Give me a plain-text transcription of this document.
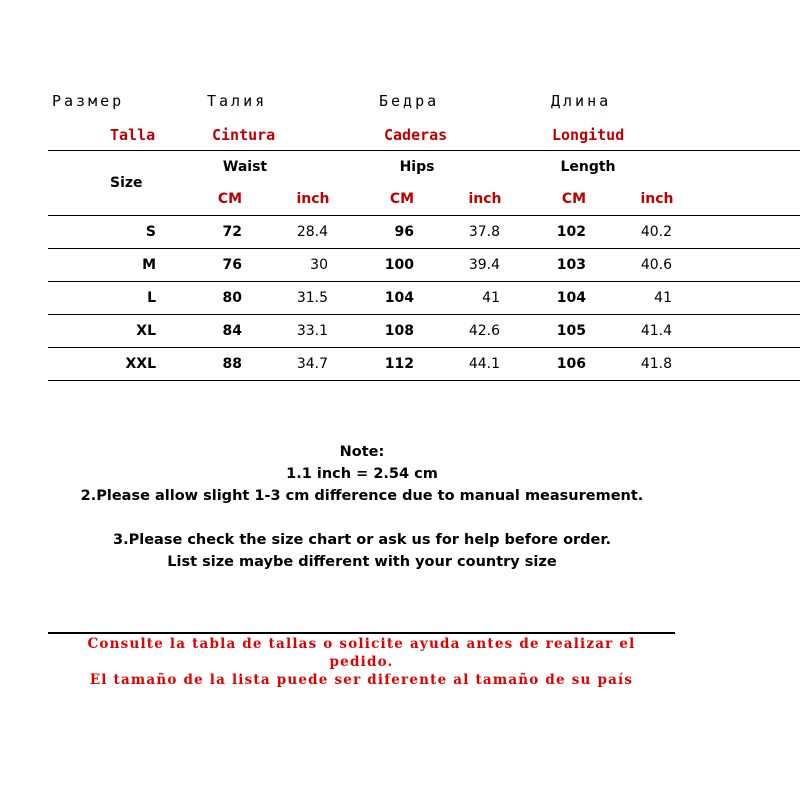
Размер	Талия	Бедра	Длина
Talla	Cintura	Caderas	Longitud
Size
Waist	Hips	Length
CM	inch	CM	inch	CM	inch
S	72	28.4	96	37.8	102	40.2
M	76	30	100	39.4	103	40.6
L	80	31.5	104	41	104	41
XL	84	33.1	108	42.6	105	41.4
XXL	88	34.7	112	44.1	106	41.8
Note:
1.1 inch = 2.54 cm
2.Please allow slight 1-3 cm difference due to manual measurement.
3.Please check the size chart or ask us for help before order.
List size maybe different with your country size
Consulte la tabla de tallas o solicite ayuda antes de realizar el
pedido.
El tamaño de la lista puede ser diferente al tamaño de su país
